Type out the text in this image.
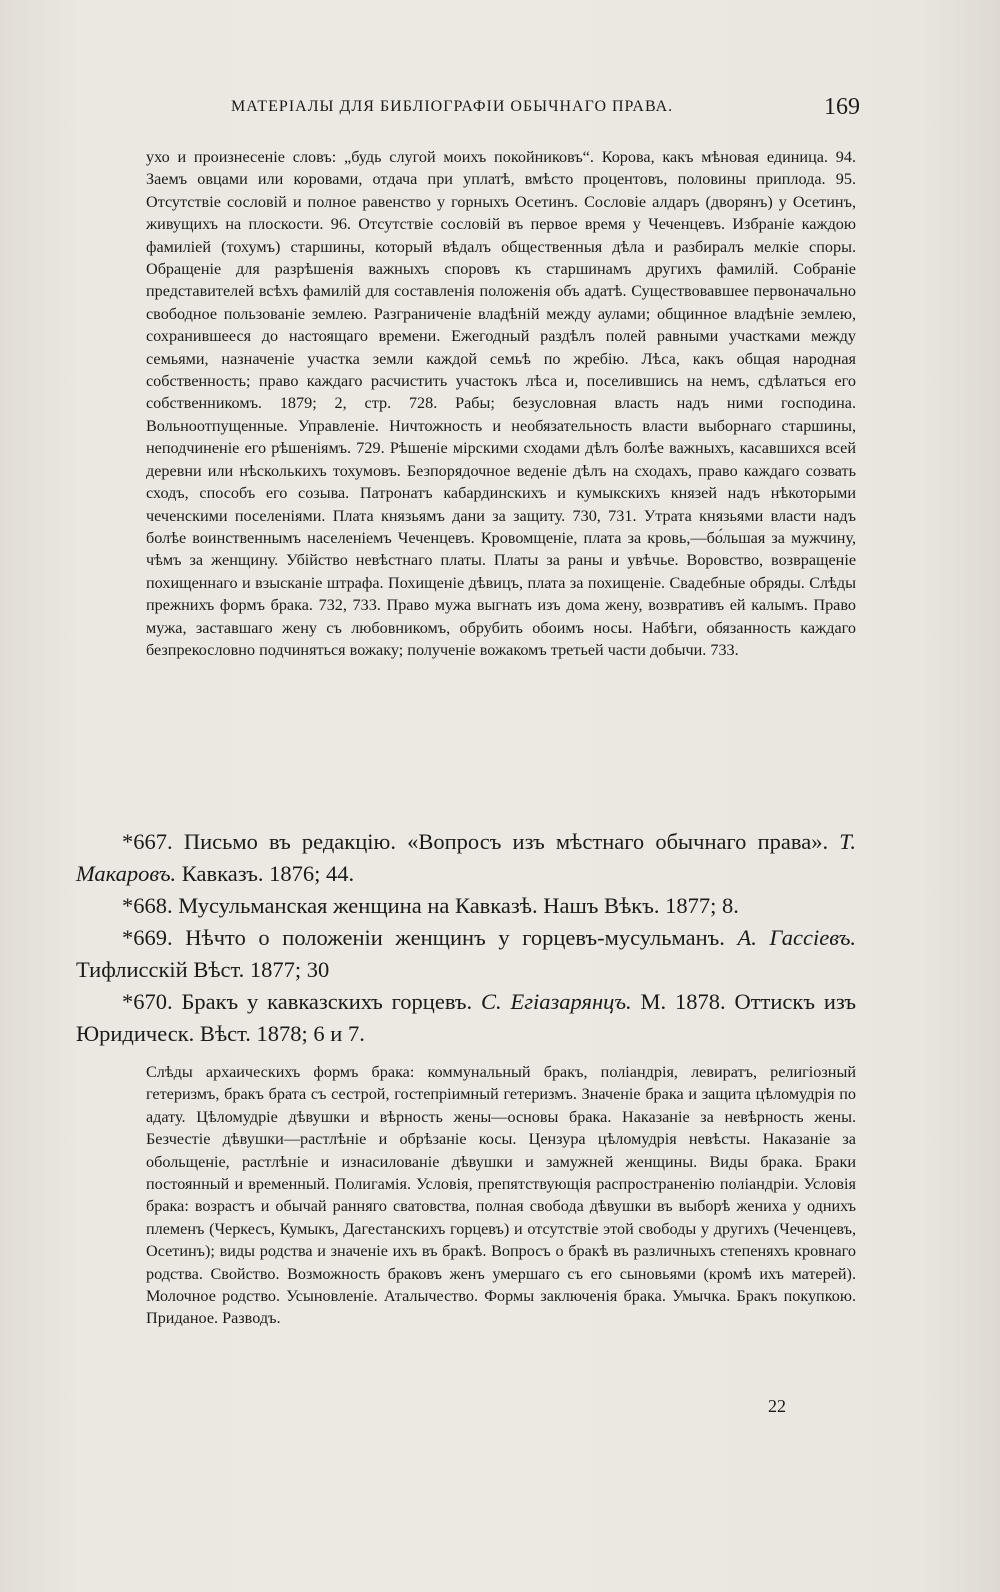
МАТЕРІАЛЫ ДЛЯ БИБЛІОГРАФІИ ОБЫЧНАГО ПРАВА.	169

ухо и произнесеніе словъ: „будь слугой моихъ покойниковъ“. Корова, какъ мѣновая единица. 94. Заемъ овцами или коровами, отдача при уплатѣ, вмѣсто процентовъ, половины приплода. 95. Отсутствіе сословій и полное равенство у горныхъ Осетинъ. Сословіе алдаръ (дворянъ) у Осетинъ, живущихъ на плоскости. 96. Отсутствіе сословій въ первое время у Чеченцевъ. Избраніе каждою фамиліей (тохумъ) старшины, который вѣдалъ общественныя дѣла и разбиралъ мелкіе споры. Обращеніе для разрѣшенія важныхъ споровъ къ старшинамъ другихъ фамилій. Собраніе представителей всѣхъ фамилій для составленія положенія объ адатѣ. Существовавшее первоначально свободное пользованіе землею. Разграниченіе владѣній между аулами; общинное владѣніе землею, сохранившееся до настоящаго времени. Ежегодный раздѣлъ полей равными участками между семьями, назначеніе участка земли каждой семьѣ по жребію. Лѣса, какъ общая народная собственность; право каждаго расчистить участокъ лѣса и, поселившись на немъ, сдѣлаться его собственникомъ. 1879; 2, стр. 728. Рабы; безусловная власть надъ ними господина. Вольноотпущенные. Управленіе. Ничтожность и необязательность власти выборнаго старшины, неподчиненіе его рѣшеніямъ. 729. Рѣшеніе мірскими сходами дѣлъ болѣе важныхъ, касавшихся всей деревни или нѣсколькихъ тохумовъ. Безпорядочное веденіе дѣлъ на сходахъ, право каждаго созвать сходъ, способъ его созыва. Патронатъ кабардинскихъ и кумыкскихъ князей надъ нѣкоторыми чеченскими поселеніями. Плата князьямъ дани за защиту. 730, 731. Утрата князьями власти надъ болѣе воинственнымъ населеніемъ Чеченцевъ. Кровомщеніе, плата за кровь,—бо́льшая за мужчину, чѣмъ за женщину. Убійство невѣстнаго платы. Платы за раны и увѣчье. Воровство, возвращеніе похищеннаго и взысканіе штрафа. Похищеніе дѣвицъ, плата за похищеніе. Свадебные обряды. Слѣды прежнихъ формъ брака. 732, 733. Право мужа выгнать изъ дома жену, возвративъ ей калымъ. Право мужа, заставшаго жену съ любовникомъ, обрубить обоимъ носы. Набѣги, обязанность каждаго безпрекословно подчиняться вожаку; полученіе вожакомъ третьей части добычи. 733.

*667. Письмо въ редакцію. «Вопросъ изъ мѣстнаго обычнаго права». Т. Макаровъ. Кавказъ. 1876; 44.

*668. Мусульманская женщина на Кавказѣ. Нашъ Вѣкъ. 1877; 8.

*669. Нѣчто о положеніи женщинъ у горцевъ-мусульманъ. А. Гассіевъ. Тифлисскій Вѣст. 1877; 30

*670. Бракъ у кавказскихъ горцевъ. С. Егiазарянцъ. М. 1878. Оттискъ изъ Юридическ. Вѣст. 1878; 6 и 7.

Слѣды архаическихъ формъ брака: коммунальный бракъ, поліандрія, левиратъ, религіозный гетеризмъ, бракъ брата съ сестрой, гостепріимный гетеризмъ. Значеніе брака и защита цѣломудрія по адату. Цѣломудріе дѣвушки и вѣрность жены—основы брака. Наказаніе за невѣрность жены. Безчестіе дѣвушки—растлѣніе и обрѣзаніе косы. Цензура цѣломудрія невѣсты. Наказаніе за обольщеніе, растлѣніе и изнасилованіе дѣвушки и замужней женщины. Виды брака. Браки постоянный и временный. Полигамія. Условія, препятствующія распространенію поліандріи. Условія брака: возрастъ и обычай ранняго сватовства, полная свобода дѣвушки въ выборѣ жениха у однихъ племенъ (Черкесъ, Кумыкъ, Дагестанскихъ горцевъ) и отсутствіе этой свободы у другихъ (Чеченцевъ, Осетинъ); виды родства и значеніе ихъ въ бракѣ. Вопросъ о бракѣ въ различныхъ степеняхъ кровнаго родства. Свойство. Возможность браковъ женъ умершаго съ его сыновьями (кромѣ ихъ матерей). Молочное родство. Усыновленіе. Аталычество. Формы заключенія брака. Умычка. Бракъ покупкою. Приданое. Разводъ.

22
